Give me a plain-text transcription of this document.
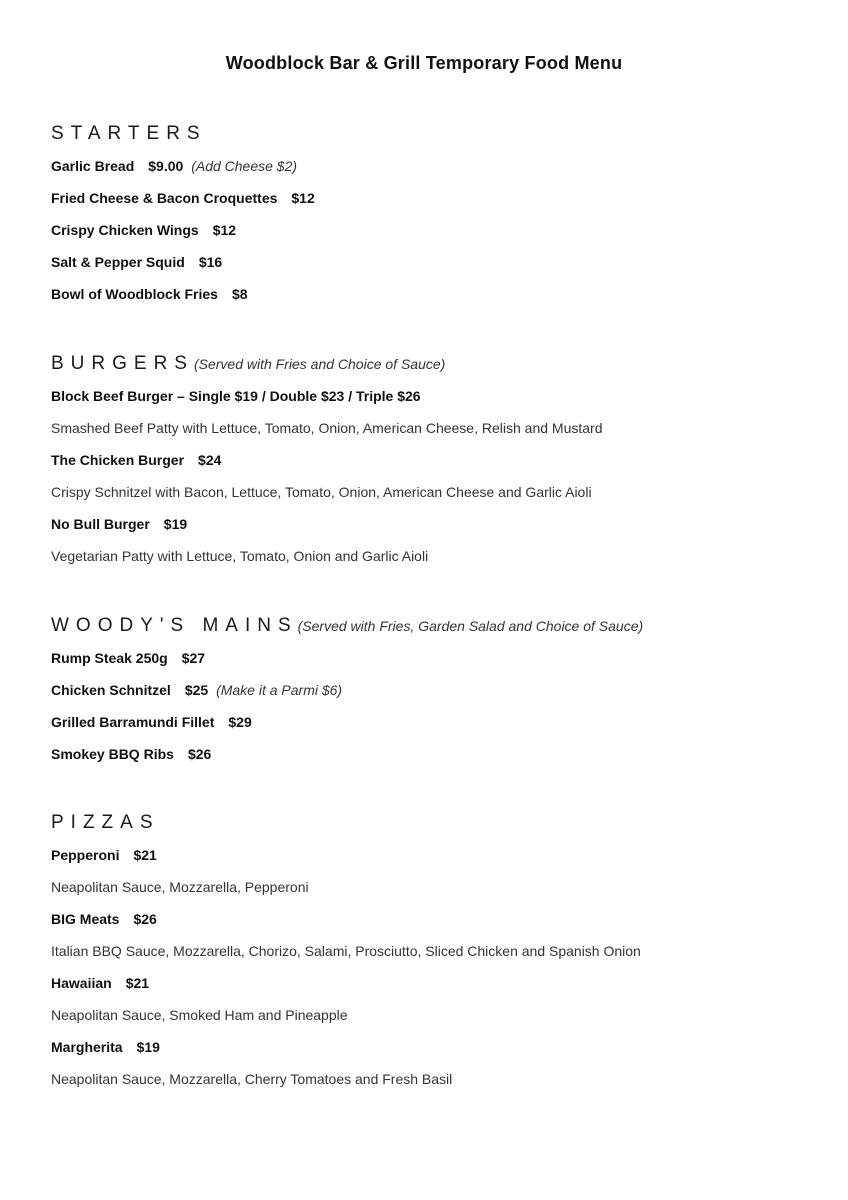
Woodblock Bar & Grill Temporary Food Menu
STARTERS
Garlic Bread $9.00 (Add Cheese $2)
Fried Cheese & Bacon Croquettes $12
Crispy Chicken Wings $12
Salt & Pepper Squid $16
Bowl of Woodblock Fries $8
BURGERS(Served with Fries and Choice of Sauce)
Block Beef Burger – Single $19 / Double $23 / Triple $26
Smashed Beef Patty with Lettuce, Tomato, Onion, American Cheese, Relish and Mustard
The Chicken Burger $24
Crispy Schnitzel with Bacon, Lettuce, Tomato, Onion, American Cheese and Garlic Aioli
No Bull Burger $19
Vegetarian Patty with Lettuce, Tomato, Onion and Garlic Aioli
WOODY'S MAINS(Served with Fries, Garden Salad and Choice of Sauce)
Rump Steak 250g $27
Chicken Schnitzel $25 (Make it a Parmi $6)
Grilled Barramundi Fillet $29
Smokey BBQ Ribs $26
PIZZAS
Pepperoni $21
Neapolitan Sauce, Mozzarella, Pepperoni
BIG Meats $26
Italian BBQ Sauce, Mozzarella, Chorizo, Salami, Prosciutto, Sliced Chicken and Spanish Onion
Hawaiian $21
Neapolitan Sauce, Smoked Ham and Pineapple
Margherita $19
Neapolitan Sauce, Mozzarella, Cherry Tomatoes and Fresh Basil
